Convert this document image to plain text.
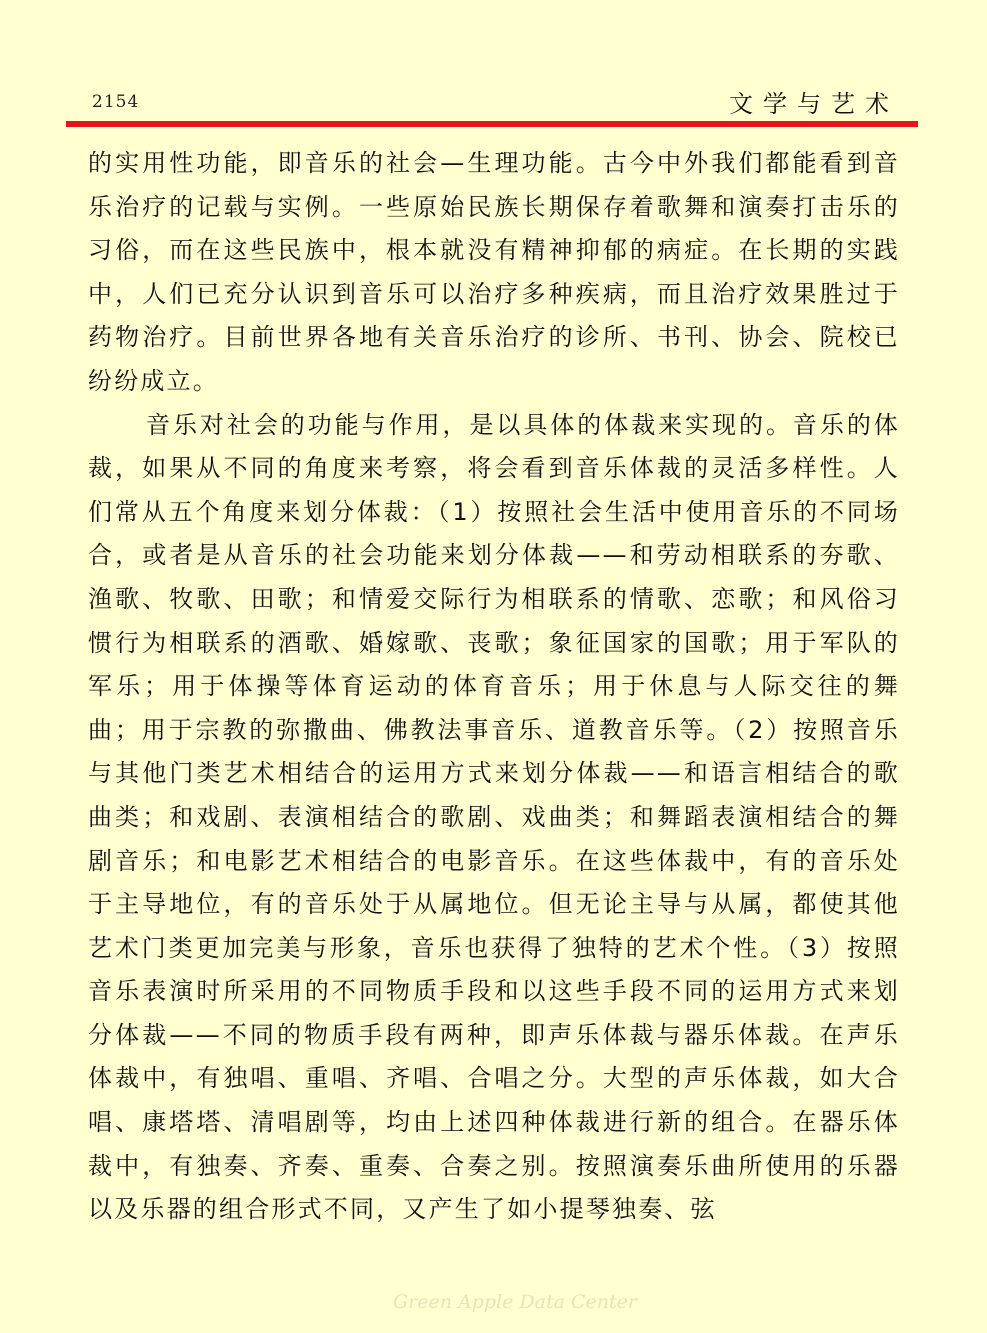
2154	文学与艺术

的实用性功能，即音乐的社会—生理功能。古今中外我们都能看到音乐治疗的记载与实例。一些原始民族长期保存着歌舞和演奏打击乐的习俗，而在这些民族中，根本就没有精神抑郁的病症。在长期的实践中，人们已充分认识到音乐可以治疗多种疾病，而且治疗效果胜过于药物治疗。目前世界各地有关音乐治疗的诊所、书刊、协会、院校已纷纷成立。

音乐对社会的功能与作用，是以具体的体裁来实现的。音乐的体裁，如果从不同的角度来考察，将会看到音乐体裁的灵活多样性。人们常从五个角度来划分体裁：（1）按照社会生活中使用音乐的不同场合，或者是从音乐的社会功能来划分体裁——和劳动相联系的夯歌、渔歌、牧歌、田歌；和情爱交际行为相联系的情歌、恋歌；和风俗习惯行为相联系的酒歌、婚嫁歌、丧歌；象征国家的国歌；用于军队的军乐；用于体操等体育运动的体育音乐；用于休息与人际交往的舞曲；用于宗教的弥撒曲、佛教法事音乐、道教音乐等。（2）按照音乐与其他门类艺术相结合的运用方式来划分体裁——和语言相结合的歌曲类；和戏剧、表演相结合的歌剧、戏曲类；和舞蹈表演相结合的舞剧音乐；和电影艺术相结合的电影音乐。在这些体裁中，有的音乐处于主导地位，有的音乐处于从属地位。但无论主导与从属，都使其他艺术门类更加完美与形象，音乐也获得了独特的艺术个性。（3）按照音乐表演时所采用的不同物质手段和以这些手段不同的运用方式来划分体裁——不同的物质手段有两种，即声乐体裁与器乐体裁。在声乐体裁中，有独唱、重唱、齐唱、合唱之分。大型的声乐体裁，如大合唱、康塔塔、清唱剧等，均由上述四种体裁进行新的组合。在器乐体裁中，有独奏、齐奏、重奏、合奏之别。按照演奏乐曲所使用的乐器以及乐器的组合形式不同，又产生了如小提琴独奏、弦

Green Apple Data Center
